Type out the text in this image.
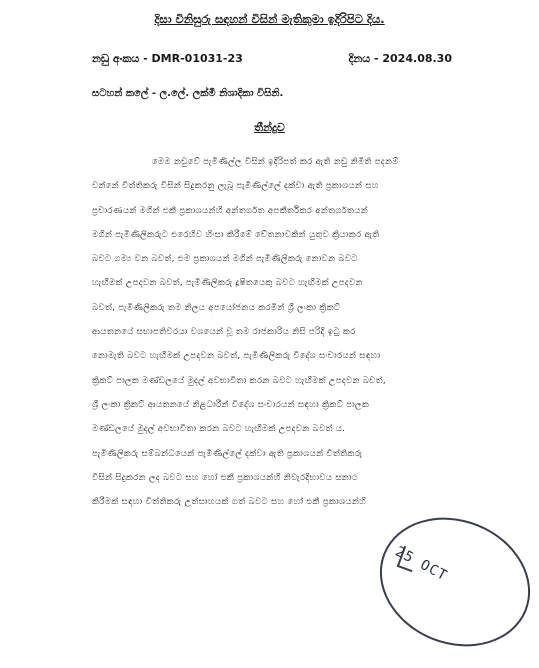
දිසා විනිසුරු සඳහන් විසින් මැතිකුමා ඉදිරිපිට දිය.
නඩු අංකය - DMR-01031-23	දිනය - 2024.08.30
සටහන් කලේ - ල.ලේ. ලක්මී නිශාදිකා විසිනි.
තීන්දුව
මෙම නඩුවේ පැමිණිල්ල විසින් ඉදිරිපත් කර ඇති නඩු නිමිති පදනම්
වන්නේ විත්තිකරු විසින් සිදුකරනු ලැබූ පැමිණිල්ලේ දක්වා ඇති ප්‍රකාශයන් සහ
ප්‍රචාරණයන් මගින් එකී ප්‍රකාශයන්හි අන්තර්ගත අපකීර්තිකර අන්තර්ගතයන්
මගින් පැමිණිලිකරුට එරෙහිව හිංසා කිරීමේ චේතනාවකින් යුතුව ක්‍රියාකර ඇති
බවට ගම්‍ය වන බවත්, එම ප්‍රකාශයන් මගින් පැමිණිලිකරු නොවන බවට
හැඟීමක් උපදවන බවත්, පැමිණිලිකරු දූෂිතයෙකු බවට හැඟීමක් උපදවන
බවත්, පැමිණිලිකරු තම නිලය අපයෝජනය කරමින් ශ්‍රී ලංකා ක්‍රිකට්
ආයතනයේ සභාපතිවරයා වශයෙන් වූ තම රාජකාරිය නිසි පරිදි ඉටු කර
නොමැති බවට හැඟීමක් උපදවන බවත්, පැමිණිලිකරු විදේශ සංචාරයන් සඳහා
ක්‍රිකට් පාලක මණ්ඩලයේ මුදල් අවභාවිතා කරන බවට හැඟීමක් උපදවන බවත්,
ශ්‍රී ලංකා ක්‍රිකට් ආයතනයේ නිළධාරීන් විදේශ සංචාරයන් සඳහා ක්‍රිකට් පාලක
මණ්ඩලයේ මුදල් අවභාවිතා කරන බවට හැඟීමක් උපදවන බවත් ය.
පැමිණිලිකරු සම්බන්ධයෙන් පැමිණිල්ලේ දක්වා ඇති ප්‍රකාශයන් විත්තිකරු
විසින් සිදුකරන ලද බවට සහ හෝ එකී ප්‍රකාශයන්හි නිවැරදිභාවය සනාථ
කිරීමක් සඳහා විත්තිකරු උත්සාහයක් ගත් බවට සහ හෝ එකී ප්‍රකාශයන්හි
25 OCT
